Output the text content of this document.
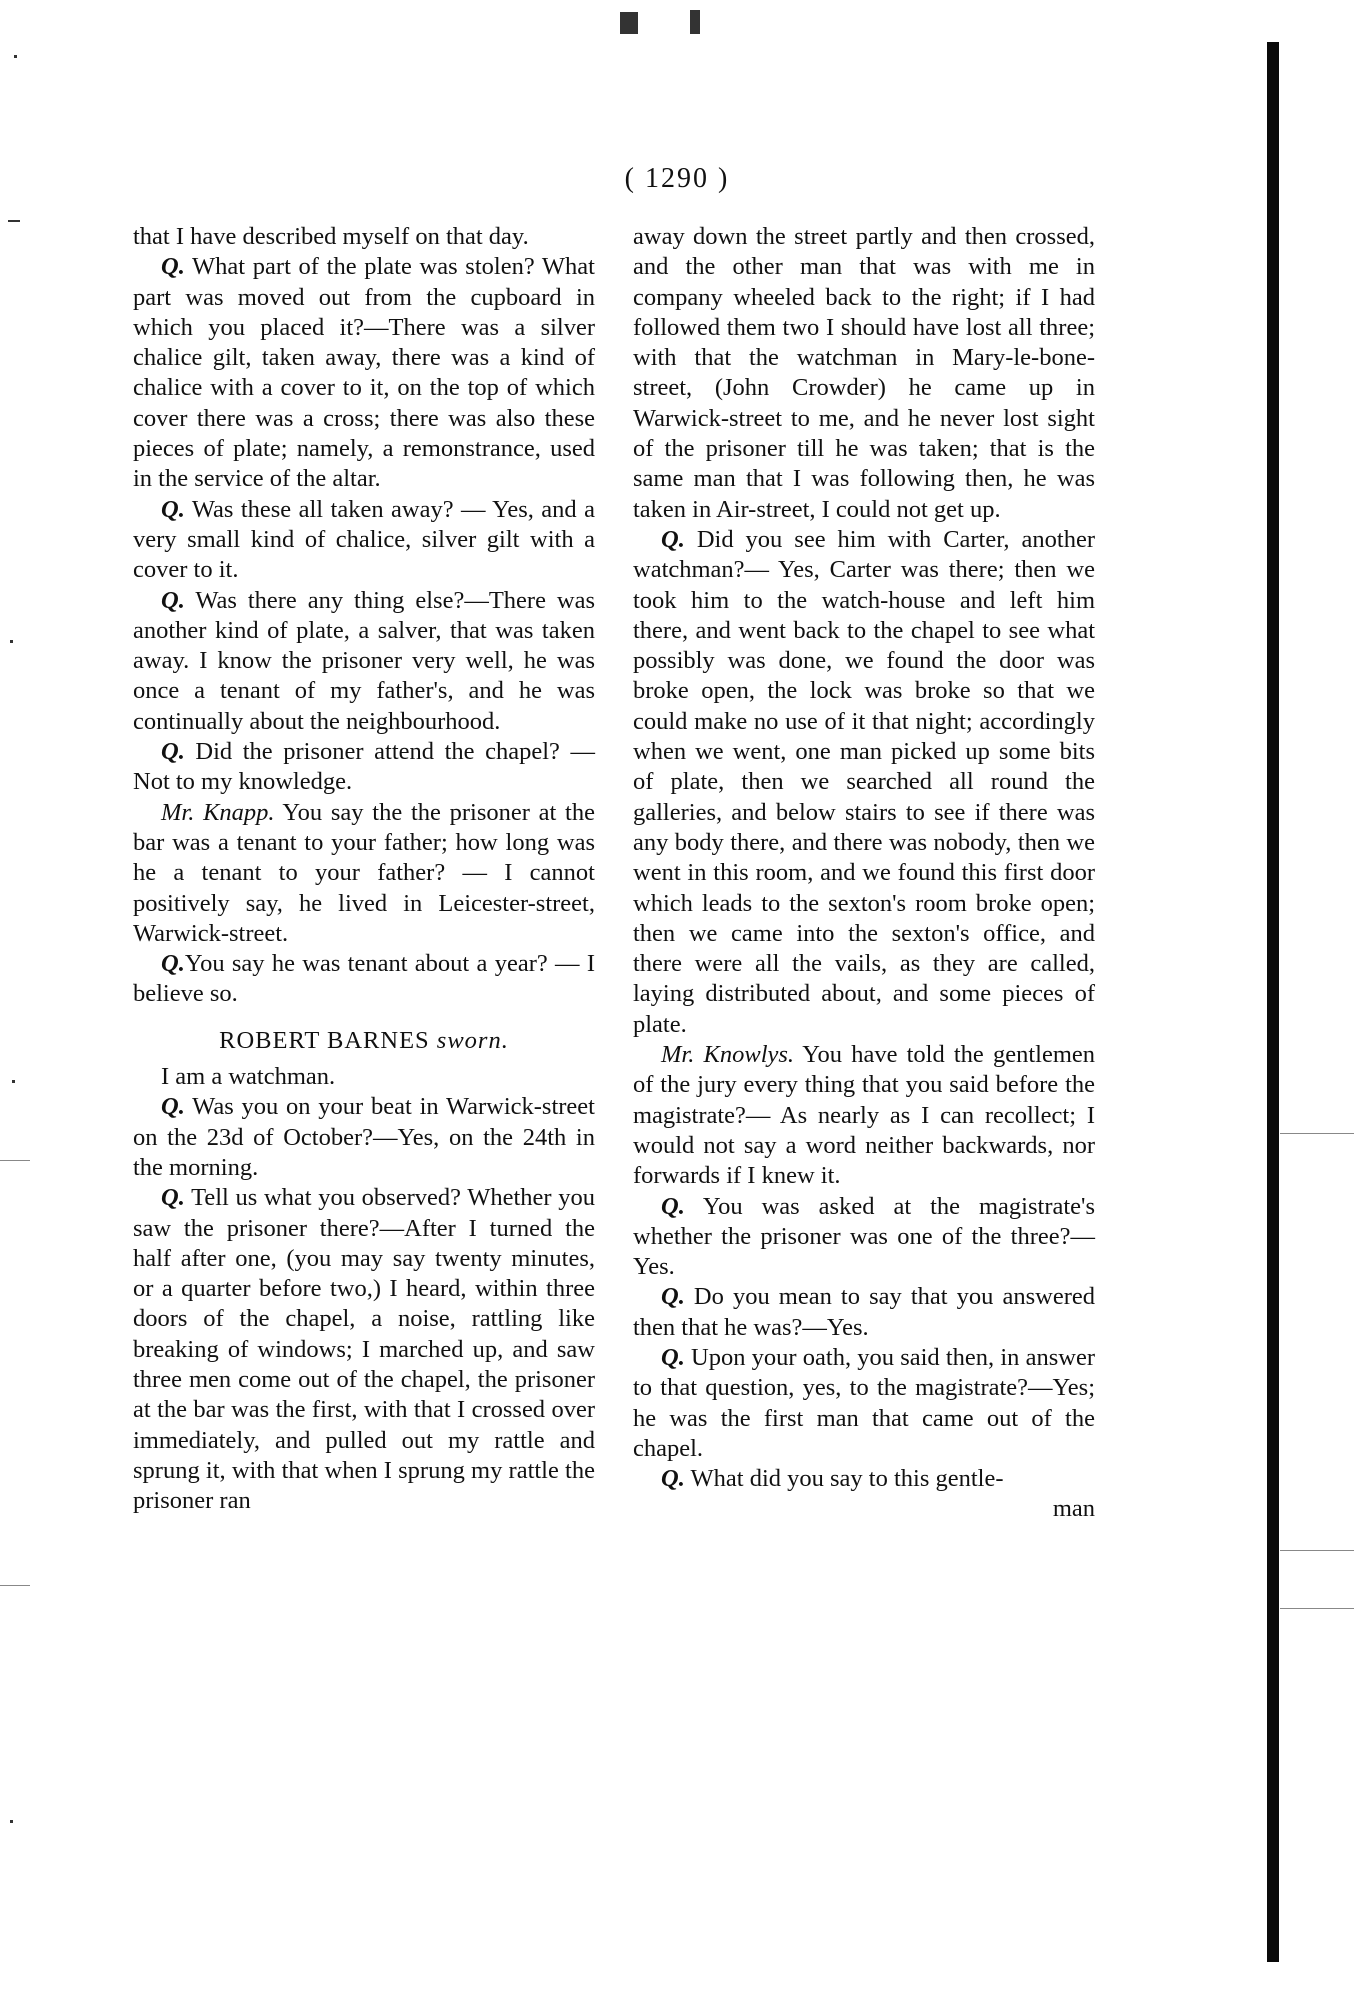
( 1290 )

that I have described myself on that day.

Q. What part of the plate was stolen? What part was moved out from the cupboard in which you placed it?—There was a silver chalice gilt, taken away, there was a kind of chalice with a cover to it, on the top of which cover there was a cross; there was also these pieces of plate; namely, a remonstrance, used in the service of the altar.

Q. Was these all taken away? — Yes, and a very small kind of chalice, silver gilt with a cover to it.

Q. Was there any thing else?—There was another kind of plate, a salver, that was taken away. I know the prisoner very well, he was once a tenant of my father's, and he was continually about the neighbourhood.

Q. Did the prisoner attend the chapel? — Not to my knowledge.

Mr. Knapp. You say the the prisoner at the bar was a tenant to your father; how long was he a tenant to your father? — I cannot positively say, he lived in Leicester-street, Warwick-street.

Q.You say he was tenant about a year? — I believe so.

ROBERT BARNES sworn.

I am a watchman.

Q. Was you on your beat in Warwick-street on the 23d of October?—Yes, on the 24th in the morning.

Q. Tell us what you observed? Whether you saw the prisoner there?—After I turned the half after one, (you may say twenty minutes, or a quarter before two,) I heard, within three doors of the chapel, a noise, rattling like breaking of windows; I marched up, and saw three men come out of the chapel, the prisoner at the bar was the first, with that I crossed over immediately, and pulled out my rattle and sprung it, with that when I sprung my rattle the prisoner ran

away down the street partly and then crossed, and the other man that was with me in company wheeled back to the right; if I had followed them two I should have lost all three; with that the watchman in Mary-le-bone-street, (John Crowder) he came up in Warwick-street to me, and he never lost sight of the prisoner till he was taken; that is the same man that I was following then, he was taken in Air-street, I could not get up.

Q. Did you see him with Carter, another watchman?— Yes, Carter was there; then we took him to the watch-house and left him there, and went back to the chapel to see what possibly was done, we found the door was broke open, the lock was broke so that we could make no use of it that night; accordingly when we went, one man picked up some bits of plate, then we searched all round the galleries, and below stairs to see if there was any body there, and there was nobody, then we went in this room, and we found this first door which leads to the sexton's room broke open; then we came into the sexton's office, and there were all the vails, as they are called, laying distributed about, and some pieces of plate.

Mr. Knowlys. You have told the gentlemen of the jury every thing that you said before the magistrate?— As nearly as I can recollect; I would not say a word neither backwards, nor forwards if I knew it.

Q. You was asked at the magistrate's whether the prisoner was one of the three?—Yes.

Q. Do you mean to say that you answered then that he was?—Yes.

Q. Upon your oath, you said then, in answer to that question, yes, to the magistrate?—Yes; he was the first man that came out of the chapel.

Q. What did you say to this gentle-

man
